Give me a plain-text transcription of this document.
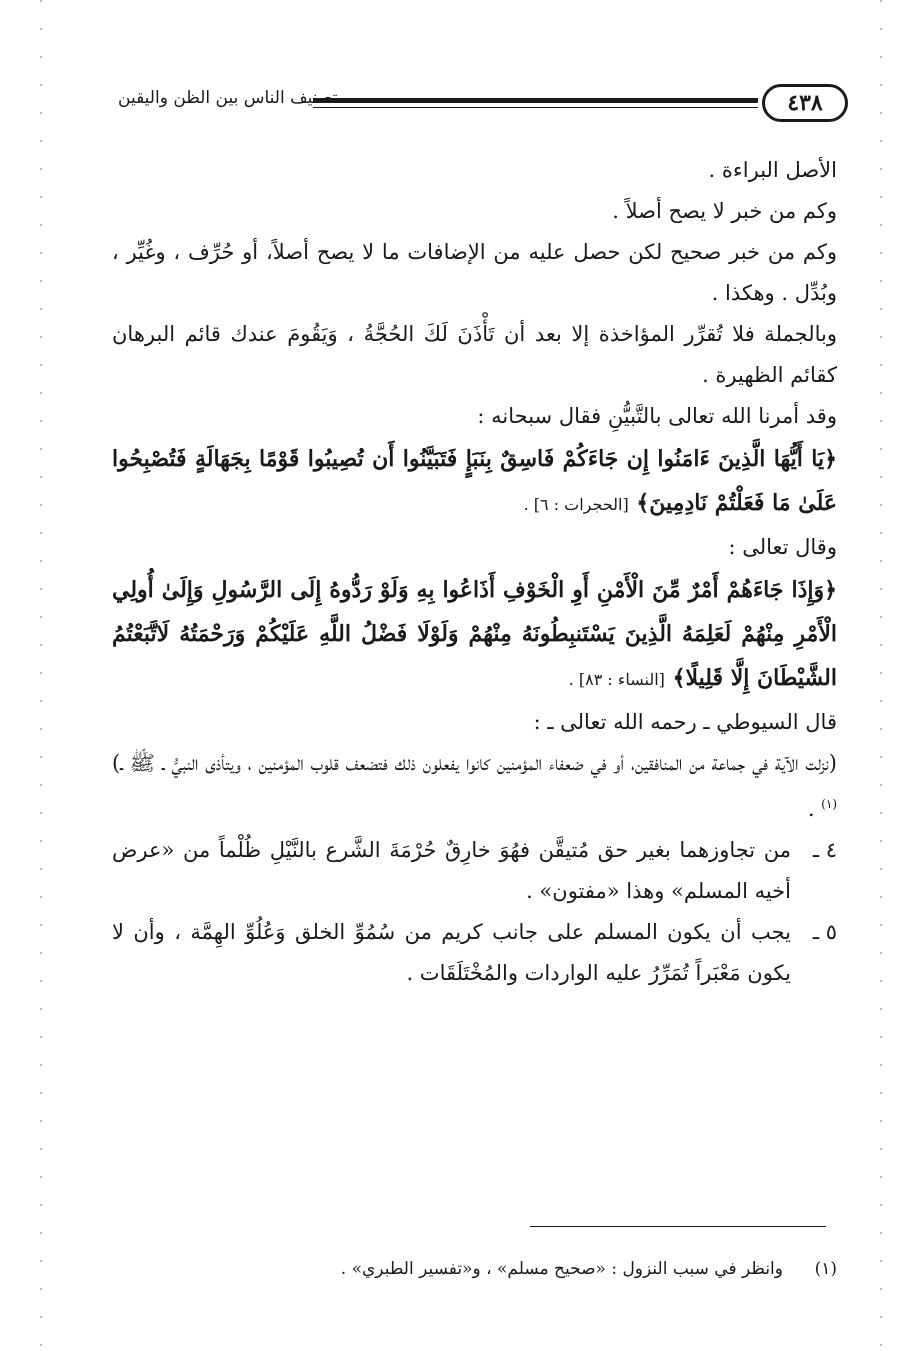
٤٣٨
تصنيف الناس بين الظن واليقين

الأصل البراءة .

وكم من خبر لا يصح أصلاً .

وكم من خبر صحيح لكن حصل عليه من الإضافات ما لا يصح أصلاً، أو حُرِّف ، وغُيِّر ، وبُدِّل . وهكذا .

وبالجملة فلا تُقرِّر المؤاخذة إلا بعد أن تَأْذَنَ لَكَ الحُجَّةُ ، وَيَقُومَ عندك قائم البرهان كقائم الظهيرة .

وقد أمرنا الله تعالى بالتَّبيُّنِ فقال سبحانه :

﴿يَا أَيُّهَا الَّذِينَ ءَامَنُوا إِن جَاءَكُمْ فَاسِقٌ بِنَبَإٍ فَتَبَيَّنُوا أَن تُصِيبُوا قَوْمًا بِجَهَالَةٍ فَتُصْبِحُوا عَلَىٰ مَا فَعَلْتُمْ نَادِمِينَ﴾ [الحجرات : ٦] .

وقال تعالى :

﴿وَإِذَا جَاءَهُمْ أَمْرٌ مِّنَ الْأَمْنِ أَوِ الْخَوْفِ أَذَاعُوا بِهِ وَلَوْ رَدُّوهُ إِلَى الرَّسُولِ وَإِلَىٰ أُولِي الْأَمْرِ مِنْهُمْ لَعَلِمَهُ الَّذِينَ يَسْتَنبِطُونَهُ مِنْهُمْ وَلَوْلَا فَضْلُ اللَّهِ عَلَيْكُمْ وَرَحْمَتُهُ لَاتَّبَعْتُمُ الشَّيْطَانَ إِلَّا قَلِيلًا﴾ [النساء : ٨٣] .

قال السيوطي ـ رحمه الله تعالى ـ :

(نزلت الآية في جماعة من المنافقين، أو في ضعفاء المؤمنين كانوا يفعلون ذلك فتضعف قلوب المؤمنين ، ويتأذى النبيُّ ـ ﷺ ـ)$^{(١)}$ .

٤ ـ
من تجاوزهما بغير حق مُتيقَّن فهُوَ خارِقٌ حُرْمَةَ الشَّرع بالنَّيْلِ ظُلْماً من «عرض أخيه المسلم» وهذا «مفتون» .

٥ ـ
يجب أن يكون المسلم على جانب كريم من سُمُوِّ الخلق وَعُلُوِّ الهِمَّة ، وأن لا يكون مَعْبَراً تُمَرِّرُ عليه الواردات والمُخْتَلَقَات .

(١)وانظر في سبب النزول : «صحيح مسلم» ، و«تفسير الطبري» .
